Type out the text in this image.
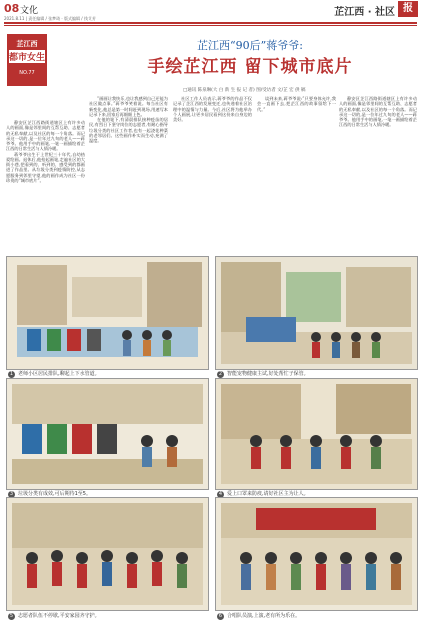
08 文化
2021.8.11 | 责任编辑 / 张梦琦 · 版式编辑 / 钱艾芳
芷江西 · 社区 报
芷江西
都市女生
NO.77
芷江西“90后”蒋爷爷:
手绘芷江西 留下城市底片
□通讯 陈泉琳(大 白 新 生 报 记 者) 图/受访者 文/芷 宏 供 稿

静安区芷江西路街道辖区上有许多动人的画面,像是邻里间的互帮互助、志愿者的无私奉献,以及社区的每一个角落。而记录这一切的,是一位年过九旬的老人——蒋爷爷。他用手中的画笔,一笔一画描绘着芷江西的日常生活与人情冷暖。

蒋爷爷出生于上世纪三十年代,自幼热爱绘画。退休后,他拾起画笔,走遍社区的大街小巷,把看到的、听到的、感受到的都画进了作品里。从垃圾分类到疫情防控,从志愿服务到邻里守望,他的画作成为社区一份珍贵的“城市底片”。

“画画让我快乐,也让我感到自己还能为社区做点事。”蒋爷爷笑着说。每当社区有新变化,他总是第一时间赶到现场,用速写本记录下来,回家后再细细上色。

在他的笔下,有清晨排队接种疫苗的居民,有烈日下坚守岗位的志愿者,有耐心指导垃圾分类的社区工作者,也有一起浇花种菜的老邻居们。这些画作朴实而生动,充满了温度。

社区工作人员表示,蒋爷爷的作品不仅记录了芷江西的发展变迁,也传递着社区治理中的温情与力量。今后,社区将为他举办个人画展,让更多居民看到这份来自身边的美好。

谈到未来,蒋爷爷说:“只要身体允许,我会一直画下去,把芷江西的故事留给下一代。”

静安区芷江西路街道辖区上有许多动人的画面,像是邻里间的互帮互助、志愿者的无私奉献,以及社区的每一个角落。而记录这一切的,是一位年过九旬的老人——蒋爷爷。他用手中的画笔,一笔一画描绘着芷江西的日常生活与人情冷暖。

1 老师小区居民排队,聊起上下水管道。	2 智能宠物健康主试,好处帮忙子保管。
3 垃圾分类有成效,可后期待1至5。	4 爱上口罩来防疫,请好社区主为让人。
5 志愿者队伍不停歇,平安家园齐守护。	6 合唱队员演,上演,老有所为乐在。
